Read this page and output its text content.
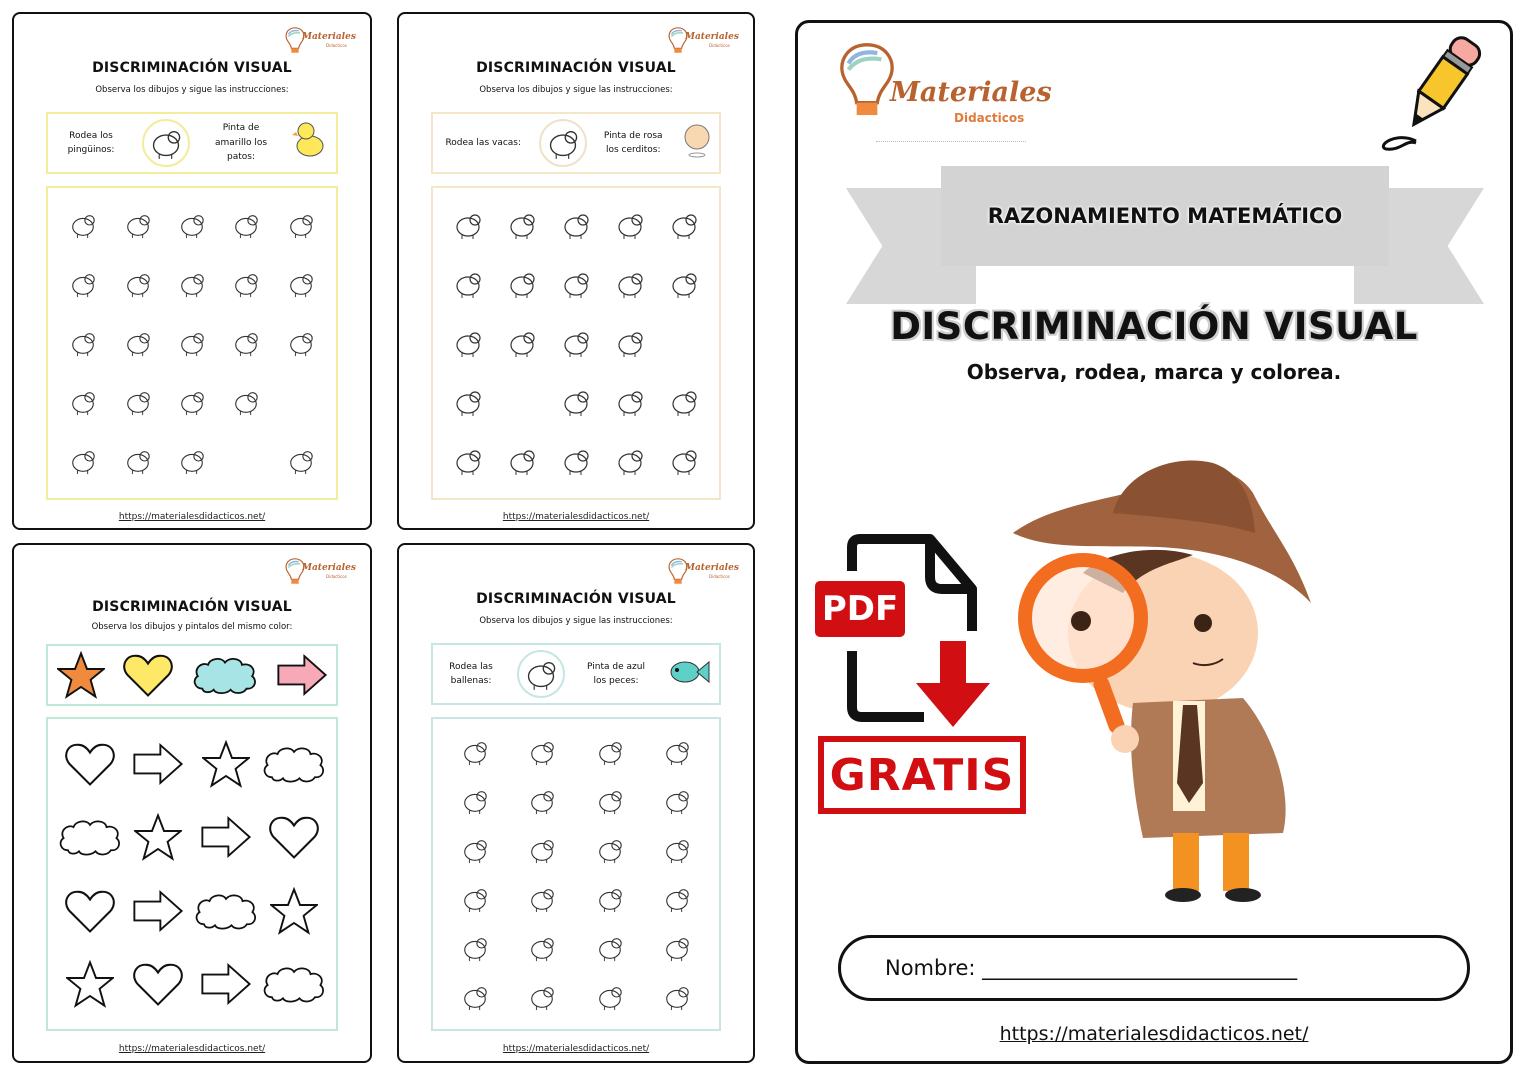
Materiales
Didacticos
DISCRIMINACIÓN VISUAL
Observa los dibujos y sigue las instrucciones:
Rodea los pingüinos:
Pinta de amarillo los patos:
https://materialesdidacticos.net/
Materiales
Didacticos
DISCRIMINACIÓN VISUAL
Observa los dibujos y sigue las instrucciones:
Rodea las vacas:
Pinta de rosa los cerditos:
https://materialesdidacticos.net/
Materiales
Didacticos
DISCRIMINACIÓN VISUAL
Observa los dibujos y pintalos del mismo color:
https://materialesdidacticos.net/
Materiales
Didacticos
DISCRIMINACIÓN VISUAL
Observa los dibujos y sigue las instrucciones:
Rodea las ballenas:
Pinta de azul los peces:
https://materialesdidacticos.net/
Materiales
Didacticos
RAZONAMIENTO MATEMÁTICO
DISCRIMINACIÓN VISUAL
Observa, rodea, marca y colorea.
PDF
GRATIS
Nombre: ______________________________
https://materialesdidacticos.net/
